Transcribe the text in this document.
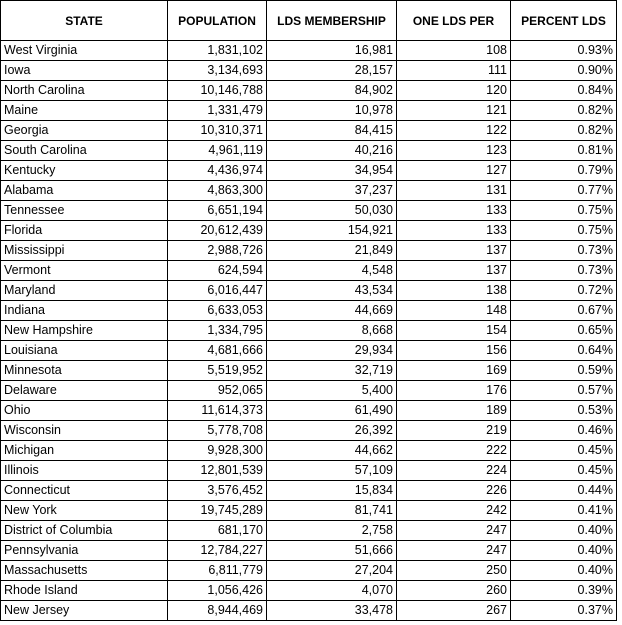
STATE	POPULATION	LDS MEMBERSHIP	ONE LDS PER	PERCENT LDS
West Virginia	1,831,102	16,981	108	0.93%
Iowa	3,134,693	28,157	111	0.90%
North Carolina	10,146,788	84,902	120	0.84%
Maine	1,331,479	10,978	121	0.82%
Georgia	10,310,371	84,415	122	0.82%
South Carolina	4,961,119	40,216	123	0.81%
Kentucky	4,436,974	34,954	127	0.79%
Alabama	4,863,300	37,237	131	0.77%
Tennessee	6,651,194	50,030	133	0.75%
Florida	20,612,439	154,921	133	0.75%
Mississippi	2,988,726	21,849	137	0.73%
Vermont	624,594	4,548	137	0.73%
Maryland	6,016,447	43,534	138	0.72%
Indiana	6,633,053	44,669	148	0.67%
New Hampshire	1,334,795	8,668	154	0.65%
Louisiana	4,681,666	29,934	156	0.64%
Minnesota	5,519,952	32,719	169	0.59%
Delaware	952,065	5,400	176	0.57%
Ohio	11,614,373	61,490	189	0.53%
Wisconsin	5,778,708	26,392	219	0.46%
Michigan	9,928,300	44,662	222	0.45%
Illinois	12,801,539	57,109	224	0.45%
Connecticut	3,576,452	15,834	226	0.44%
New York	19,745,289	81,741	242	0.41%
District of Columbia	681,170	2,758	247	0.40%
Pennsylvania	12,784,227	51,666	247	0.40%
Massachusetts	6,811,779	27,204	250	0.40%
Rhode Island	1,056,426	4,070	260	0.39%
New Jersey	8,944,469	33,478	267	0.37%
